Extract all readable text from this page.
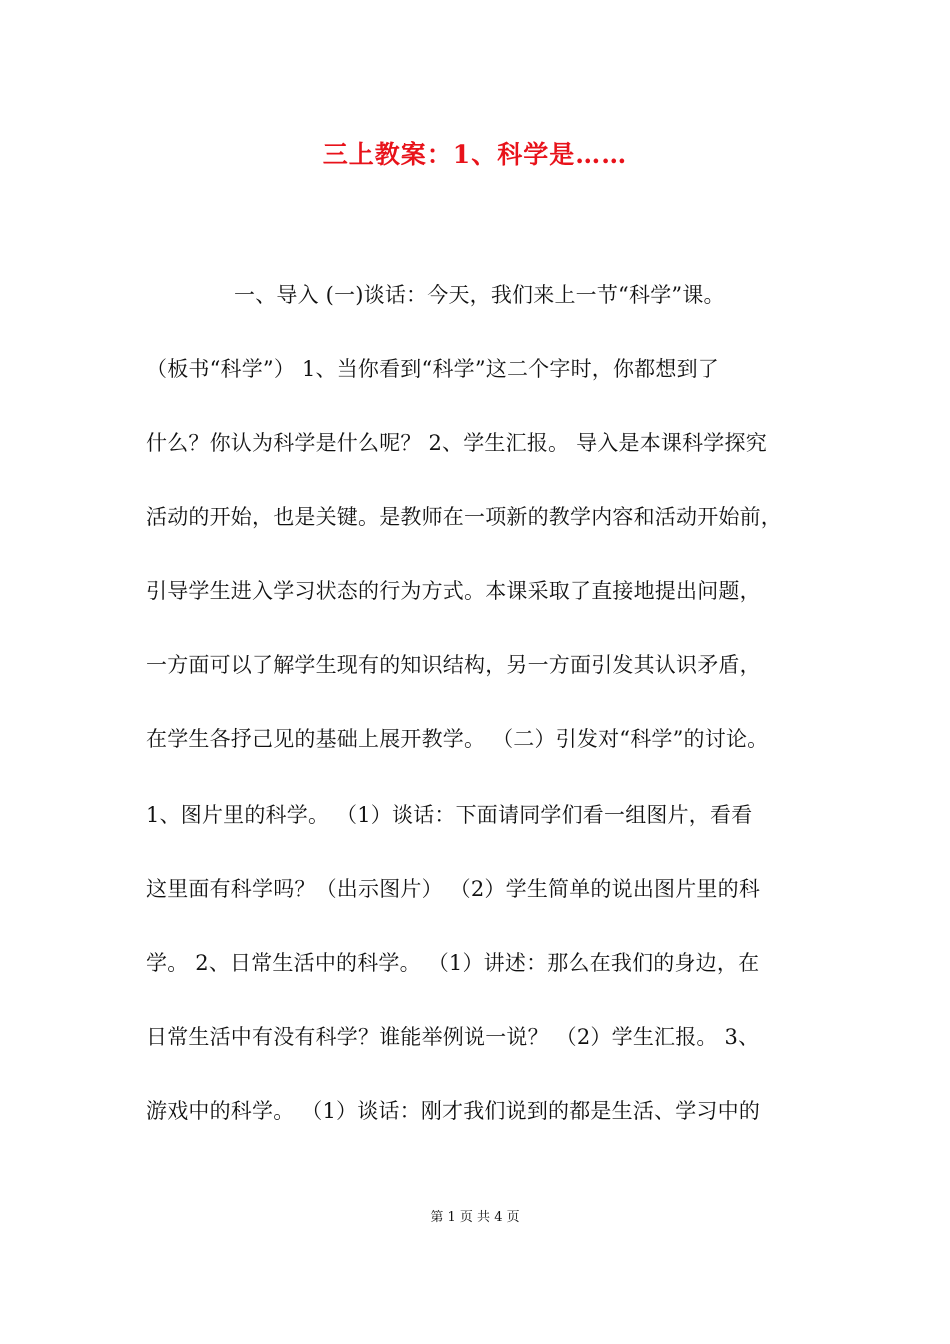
三上教案：1、科学是……
一、导入 (一)谈话：今天，我们来上一节“科学”课。
（板书“科学”） 1、当你看到“科学”这二个字时，你都想到了
什么？你认为科学是什么呢？ 2、学生汇报。 导入是本课科学探究
活动的开始，也是关键。是教师在一项新的教学内容和活动开始前，
引导学生进入学习状态的行为方式。本课采取了直接地提出问题，
一方面可以了解学生现有的知识结构，另一方面引发其认识矛盾，
在学生各抒己见的基础上展开教学。 （二）引发对“科学”的讨论。
1、图片里的科学。 （1）谈话：下面请同学们看一组图片，看看
这里面有科学吗？（出示图片） （2）学生简单的说出图片里的科
学。 2、日常生活中的科学。 （1）讲述：那么在我们的身边，在
日常生活中有没有科学？谁能举例说一说？ （2）学生汇报。 3、
游戏中的科学。 （1）谈话：刚才我们说到的都是生活、学习中的
第 1 页 共 4 页
